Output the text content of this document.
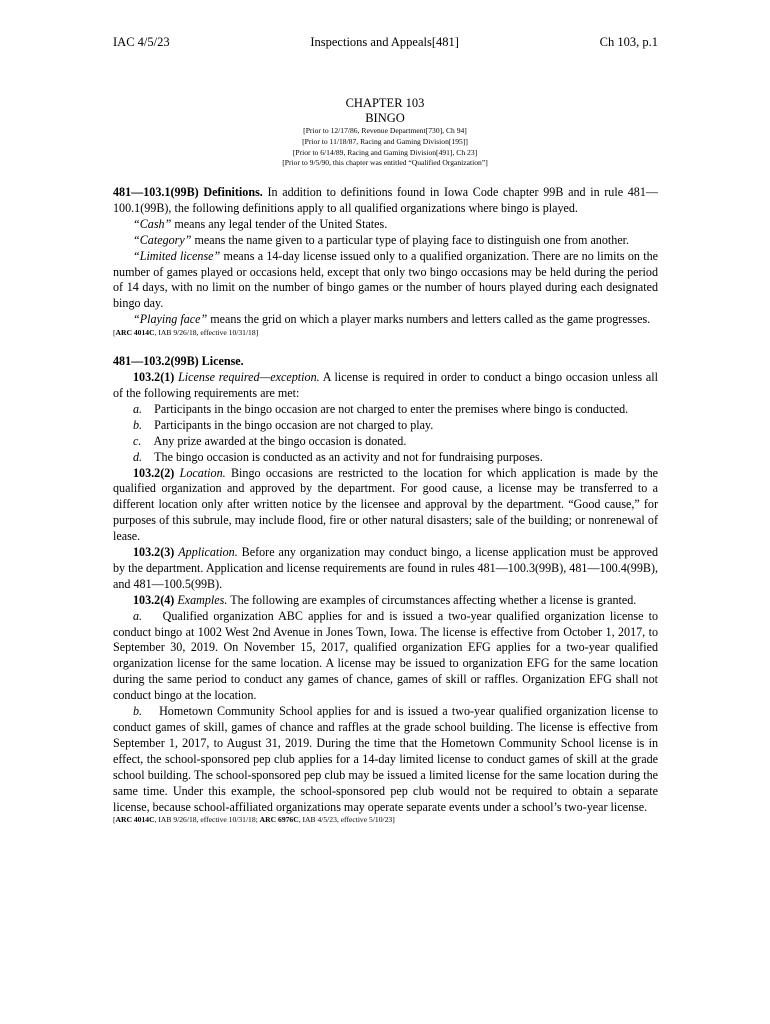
IAC 4/5/23	Inspections and Appeals[481]	Ch 103, p.1
CHAPTER 103
BINGO
[Prior to 12/17/86, Revenue Department[730], Ch 94]
[Prior to 11/18/87, Racing and Gaming Division[195]]
[Prior to 6/14/89, Racing and Gaming Division[491], Ch 23]
[Prior to 9/5/90, this chapter was entitled “Qualified Organization”]

481—103.1(99B) Definitions. In addition to definitions found in Iowa Code chapter 99B and in rule 481—100.1(99B), the following definitions apply to all qualified organizations where bingo is played.

“Cash” means any legal tender of the United States.

“Category” means the name given to a particular type of playing face to distinguish one from another.

“Limited license” means a 14-day license issued only to a qualified organization. There are no limits on the number of games played or occasions held, except that only two bingo occasions may be held during the period of 14 days, with no limit on the number of bingo games or the number of hours played during each designated bingo day.

“Playing face” means the grid on which a player marks numbers and letters called as the game progresses.

[ARC 4014C, IAB 9/26/18, effective 10/31/18]

481—103.2(99B) License.

103.2(1) License required—exception. A license is required in order to conduct a bingo occasion unless all of the following requirements are met:

a. Participants in the bingo occasion are not charged to enter the premises where bingo is conducted.

b. Participants in the bingo occasion are not charged to play.

c. Any prize awarded at the bingo occasion is donated.

d. The bingo occasion is conducted as an activity and not for fundraising purposes.

103.2(2) Location. Bingo occasions are restricted to the location for which application is made by the qualified organization and approved by the department. For good cause, a license may be transferred to a different location only after written notice by the licensee and approval by the department. “Good cause,” for purposes of this subrule, may include flood, fire or other natural disasters; sale of the building; or nonrenewal of lease.

103.2(3) Application. Before any organization may conduct bingo, a license application must be approved by the department. Application and license requirements are found in rules 481—100.3(99B), 481—100.4(99B), and 481—100.5(99B).

103.2(4) Examples. The following are examples of circumstances affecting whether a license is granted.

a. Qualified organization ABC applies for and is issued a two-year qualified organization license to conduct bingo at 1002 West 2nd Avenue in Jones Town, Iowa. The license is effective from October 1, 2017, to September 30, 2019. On November 15, 2017, qualified organization EFG applies for a two-year qualified organization license for the same location. A license may be issued to organization EFG for the same location during the same period to conduct any games of chance, games of skill or raffles. Organization EFG shall not conduct bingo at the location.

b. Hometown Community School applies for and is issued a two-year qualified organization license to conduct games of skill, games of chance and raffles at the grade school building. The license is effective from September 1, 2017, to August 31, 2019. During the time that the Hometown Community School license is in effect, the school-sponsored pep club applies for a 14-day limited license to conduct games of skill at the grade school building. The school-sponsored pep club may be issued a limited license for the same location during the same time. Under this example, the school-sponsored pep club would not be required to obtain a separate license, because school-affiliated organizations may operate separate events under a school’s two-year license.

[ARC 4014C, IAB 9/26/18, effective 10/31/18; ARC 6976C, IAB 4/5/23, effective 5/10/23]
